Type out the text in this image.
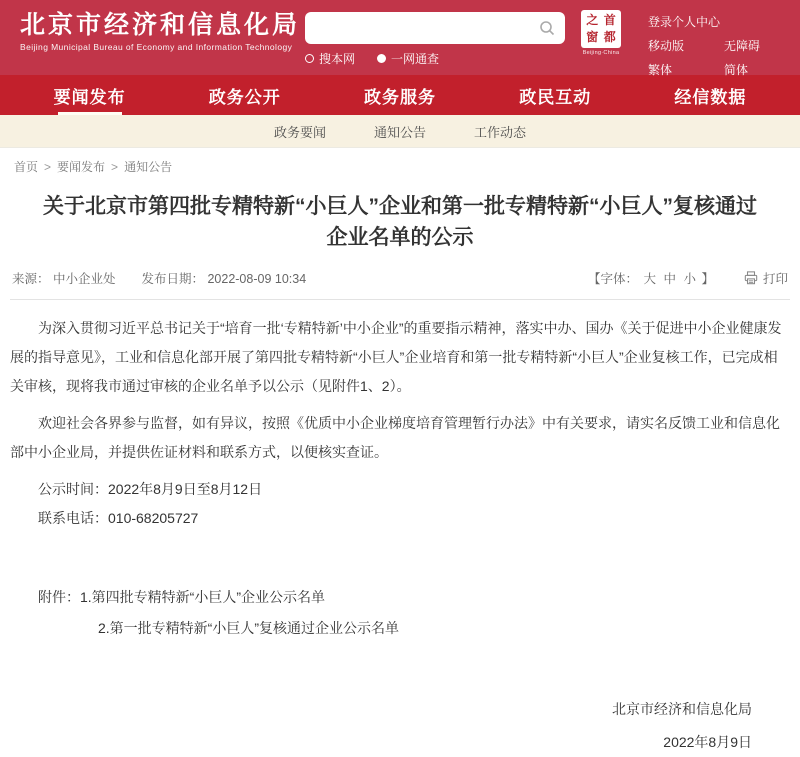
北京市经济和信息化局
Beijing Municipal Bureau of Economy and Information Technology
搜本网	一网通查
之 首
窗 都
Beijing·China
登录个人中心
移动版	无障碍
繁体	简体
要闻发布	政务公开	政务服务	政民互动	经信数据
政务要闻	通知公告	工作动态
首页 > 要闻发布 > 通知公告
关于北京市第四批专精特新“小巨人”企业和第一批专精特新“小巨人”复核通过企业名单的公示
来源： 中小企业处 发布日期： 2022-08-09 10:34	【字体： 大 中 小 】	打印

为深入贯彻习近平总书记关于“培育一批‘专精特新’中小企业”的重要指示精神，落实中办、国办《关于促进中小企业健康发展的指导意见》，工业和信息化部开展了第四批专精特新“小巨人”企业培育和第一批专精特新“小巨人”企业复核工作，已完成相关审核，现将我市通过审核的企业名单予以公示（见附件1、2）。

欢迎社会各界参与监督，如有异议，按照《优质中小企业梯度培育管理暂行办法》中有关要求，请实名反馈工业和信息化部中小企业局，并提供佐证材料和联系方式，以便核实查证。

公示时间：2022年8月9日至8月12日

联系电话：010-68205727

附件：1.第四批专精特新“小巨人”企业公示名单

2.第一批专精特新“小巨人”复核通过企业公示名单

北京市经济和信息化局
2022年8月9日
